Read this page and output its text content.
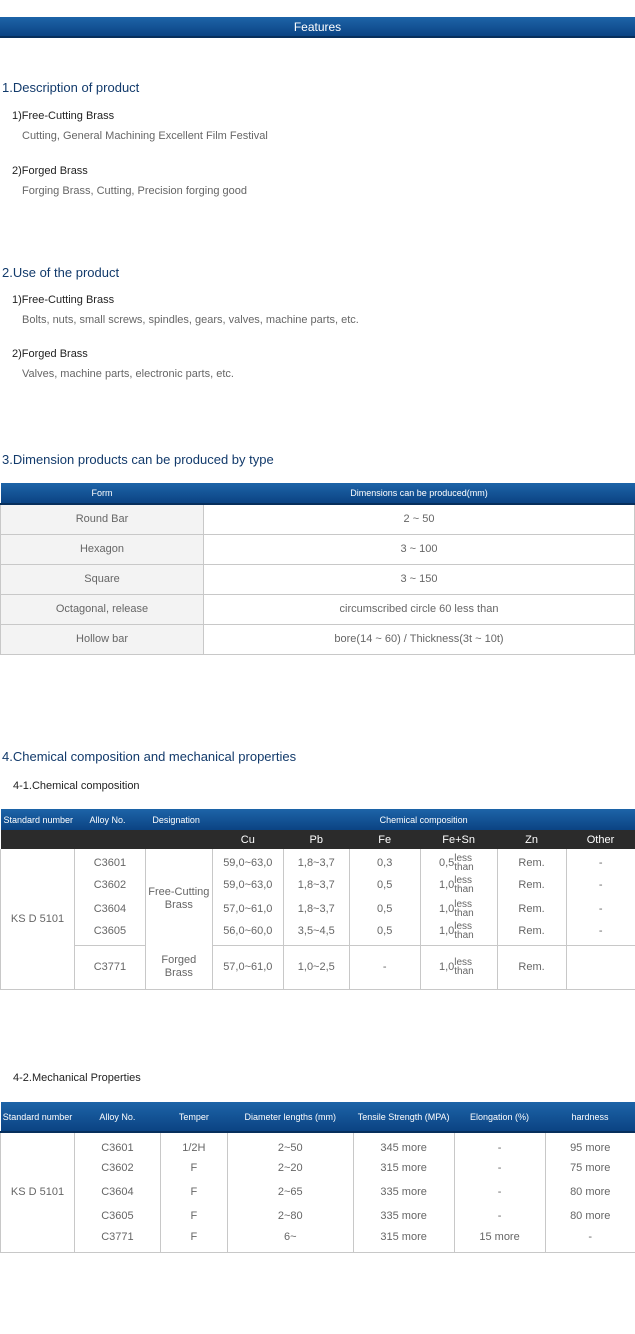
Features
1.Description of product
1)Free-Cutting Brass
Cutting, General Machining Excellent Film Festival
2)Forged Brass
Forging Brass, Cutting, Precision forging good
2.Use of the product
1)Free-Cutting Brass
Bolts, nuts, small screws, spindles, gears, valves, machine parts, etc.
2)Forged Brass
Valves, machine parts, electronic parts, etc.
3.Dimension products can be produced by type
Form	Dimensions can be produced(mm)
Round Bar	2 ~ 50
Hexagon	3 ~ 100
Square	3 ~ 150
Octagonal, release	circumscribed circle 60 less than
Hollow bar	bore(14 ~ 60) / Thickness(3t ~ 10t)
4.Chemical composition and mechanical properties
4-1.Chemical composition
Standard number	Alloy No.	Designation	Chemical composition					
			Cu	Pb	Fe	Fe+Sn	Zn	Other
KS D 5101	C3601	Free-Cutting Brass	59,0~63,0	1,8~3,7	0,3	0,5less than	Rem.	-
	C3602		59,0~63,0	1,8~3,7	0,5	1,0less than	Rem.	-
	C3604		57,0~61,0	1,8~3,7	0,5	1,0less than	Rem.	-
	C3605		56,0~60,0	3,5~4,5	0,5	1,0less than	Rem.	-
	C3771	Forged Brass	57,0~61,0	1,0~2,5	-	1,0less than	Rem.	
4-2.Mechanical Properties
Standard number	Alloy No.	Temper	Diameter lengths (mm)	Tensile Strength (MPA)	Elongation (%)	hardness
KS D 5101	C3601	1/2H	2~50	345 more	-	95 more
	C3602	F	2~20	315 more	-	75 more
	C3604	F	2~65	335 more	-	80 more
	C3605	F	2~80	335 more	-	80 more
	C3771	F	6~	315 more	15 more	-
